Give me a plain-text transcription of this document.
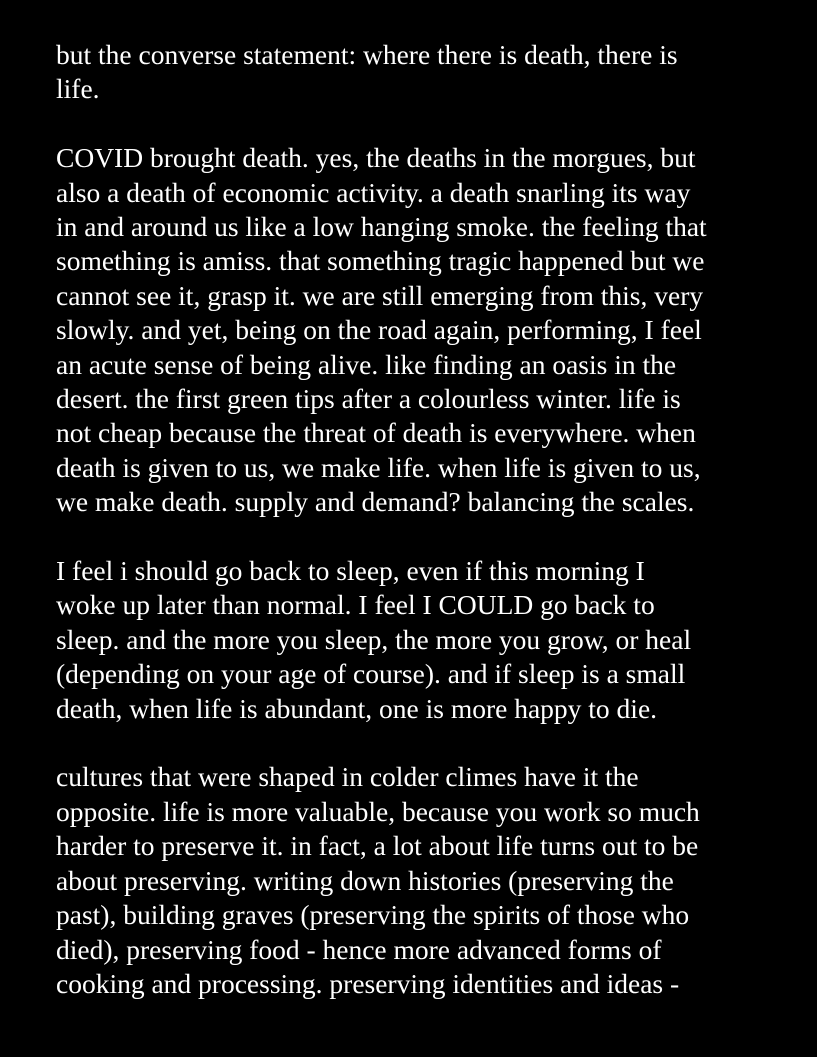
but the converse statement: where there is death, there is
life.

COVID brought death. yes, the deaths in the morgues, but
also a death of economic activity. a death snarling its way
in and around us like a low hanging smoke. the feeling that
something is amiss. that something tragic happened but we
cannot see it, grasp it. we are still emerging from this, very
slowly. and yet, being on the road again, performing, I feel
an acute sense of being alive. like finding an oasis in the
desert. the first green tips after a colourless winter. life is
not cheap because the threat of death is everywhere. when
death is given to us, we make life. when life is given to us,
we make death. supply and demand? balancing the scales.

I feel i should go back to sleep, even if this morning I
woke up later than normal. I feel I COULD go back to
sleep. and the more you sleep, the more you grow, or heal
(depending on your age of course). and if sleep is a small
death, when life is abundant, one is more happy to die.

cultures that were shaped in colder climes have it the
opposite. life is more valuable, because you work so much
harder to preserve it. in fact, a lot about life turns out to be
about preserving. writing down histories (preserving the
past), building graves (preserving the spirits of those who
died), preserving food - hence more advanced forms of
cooking and processing. preserving identities and ideas -
